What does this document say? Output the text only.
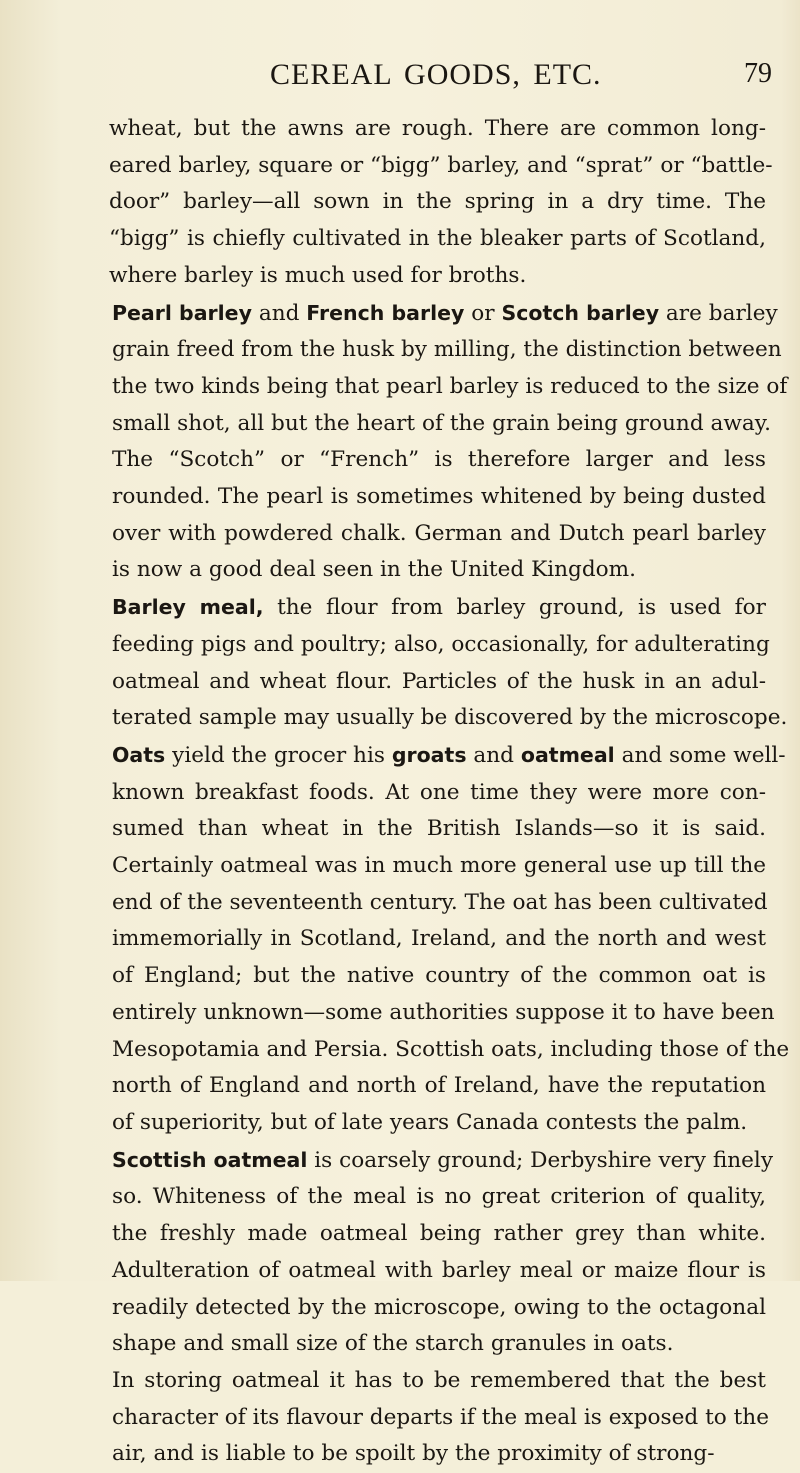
CEREAL GOODS, ETC.	79

wheat, but the awns are rough. There are common long-
eared barley, square or “bigg” barley, and “sprat” or “battle-
door” barley—all sown in the spring in a dry time. The
“bigg” is chiefly cultivated in the bleaker parts of Scotland,
where barley is much used for broths.

Pearl barley and French barley or Scotch barley are barley
grain freed from the husk by milling, the distinction between
the two kinds being that pearl barley is reduced to the size of
small shot, all but the heart of the grain being ground away.
The “Scotch” or “French” is therefore larger and less
rounded. The pearl is sometimes whitened by being dusted
over with powdered chalk. German and Dutch pearl barley
is now a good deal seen in the United Kingdom.

Barley meal, the flour from barley ground, is used for
feeding pigs and poultry; also, occasionally, for adulterating
oatmeal and wheat flour. Particles of the husk in an adul-
terated sample may usually be discovered by the microscope.

Oats yield the grocer his groats and oatmeal and some well-
known breakfast foods. At one time they were more con-
sumed than wheat in the British Islands—so it is said.
Certainly oatmeal was in much more general use up till the
end of the seventeenth century. The oat has been cultivated
immemorially in Scotland, Ireland, and the north and west
of England; but the native country of the common oat is
entirely unknown—some authorities suppose it to have been
Mesopotamia and Persia. Scottish oats, including those of the
north of England and north of Ireland, have the reputation
of superiority, but of late years Canada contests the palm.

Scottish oatmeal is coarsely ground; Derbyshire very finely
so. Whiteness of the meal is no great criterion of quality,
the freshly made oatmeal being rather grey than white.
Adulteration of oatmeal with barley meal or maize flour is
readily detected by the microscope, owing to the octagonal
shape and small size of the starch granules in oats.

In storing oatmeal it has to be remembered that the best
character of its flavour departs if the meal is exposed to the
air, and is liable to be spoilt by the proximity of strong-
